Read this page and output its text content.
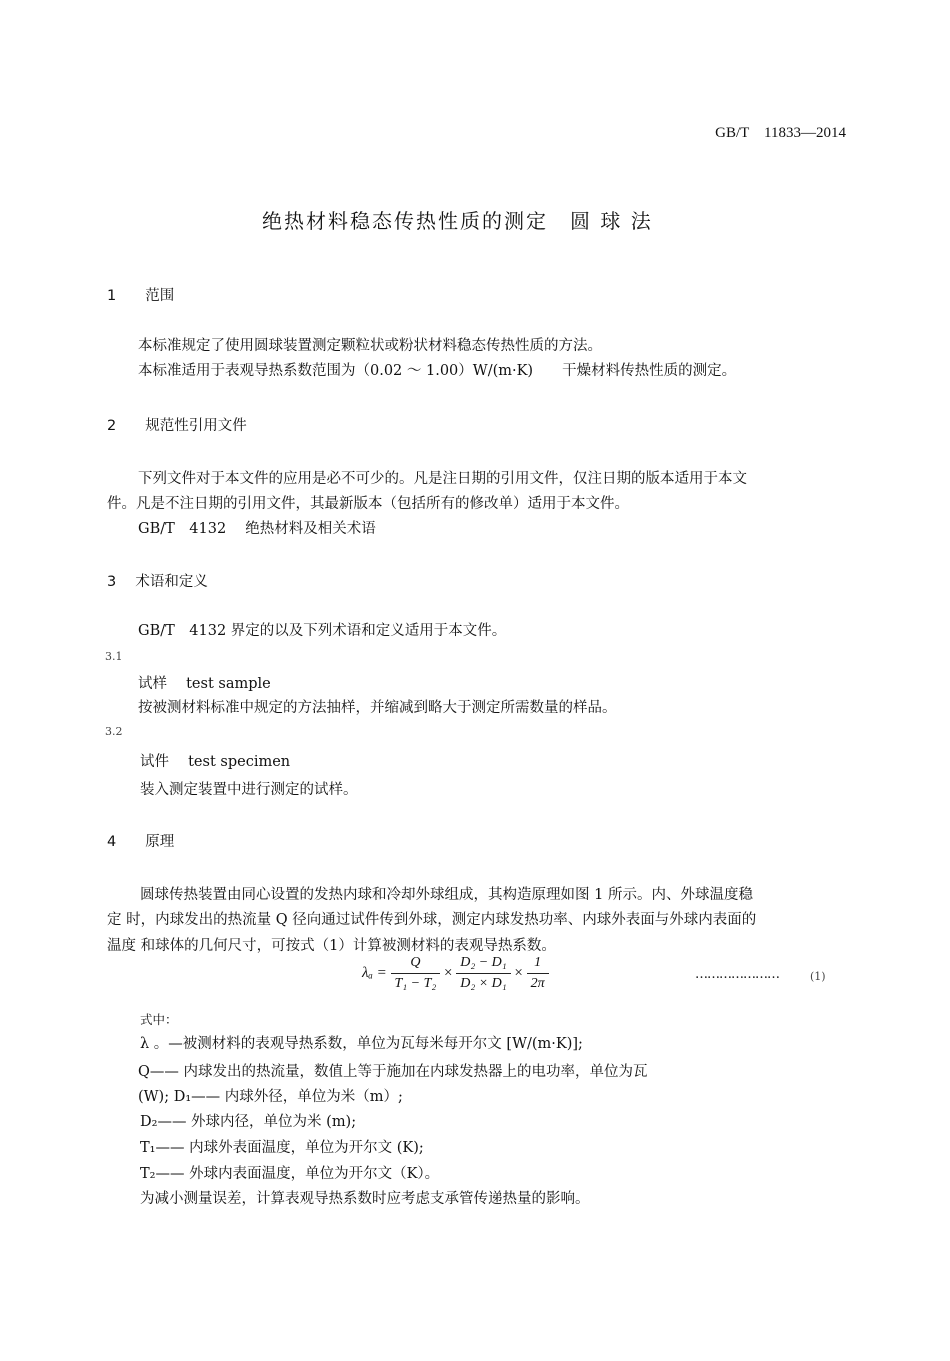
GB/T　11833—2014
绝热材料稳态传热性质的测定　圆 球 法
1　　范围
本标准规定了使用圆球装置测定颗粒状或粉状材料稳态传热性质的方法。
本标准适用于表观导热系数范围为（0.02 ～ 1.00）W/(m·K)　　干燥材料传热性质的测定。
2　　规范性引用文件
下列文件对于本文件的应用是必不可少的。凡是注日期的引用文件，仅注日期的版本适用于本文
件。凡是不注日期的引用文件，其最新版本（包括所有的修改单）适用于本文件。
GB/T　4132　 绝热材料及相关术语
3　 术语和定义
GB/T　4132 界定的以及下列术语和定义适用于本文件。
3.1
试样　 test sample
按被测材料标准中规定的方法抽样，并缩减到略大于测定所需数量的样品。
3.2
试件　 test specimen
装入测定装置中进行测定的试样。
4　　原理
圆球传热装置由同心设置的发热内球和冷却外球组成，其构造原理如图 1 所示。内、外球温度稳
定 时，内球发出的热流量 Q 径向通过试件传到外球，测定内球发热功率、内球外表面与外球内表面的
温度 和球体的几何尺寸，可按式（1）计算被测材料的表观导热系数。
$\lambda_a = \frac{Q}{\text{T₁ − T₂}} \times \frac{\text{D₂ − D₁}}{\text{D₂ × D₁}} \times \frac{1}{2\pi}$	…………………	(1)
式中：
λ 。—被测材料的表观导热系数，单位为瓦每米每开尔文 [W/(m·K)];
Q—— 内球发出的热流量，数值上等于施加在内球发热器上的电功率，单位为瓦
(W); D₁—— 内球外径，单位为米（m）;
D₂—— 外球内径，单位为米 (m);
T₁—— 内球外表面温度，单位为开尔文 (K);
T₂—— 外球内表面温度，单位为开尔文（K）。
为减小测量误差，计算表观导热系数时应考虑支承管传递热量的影响。
